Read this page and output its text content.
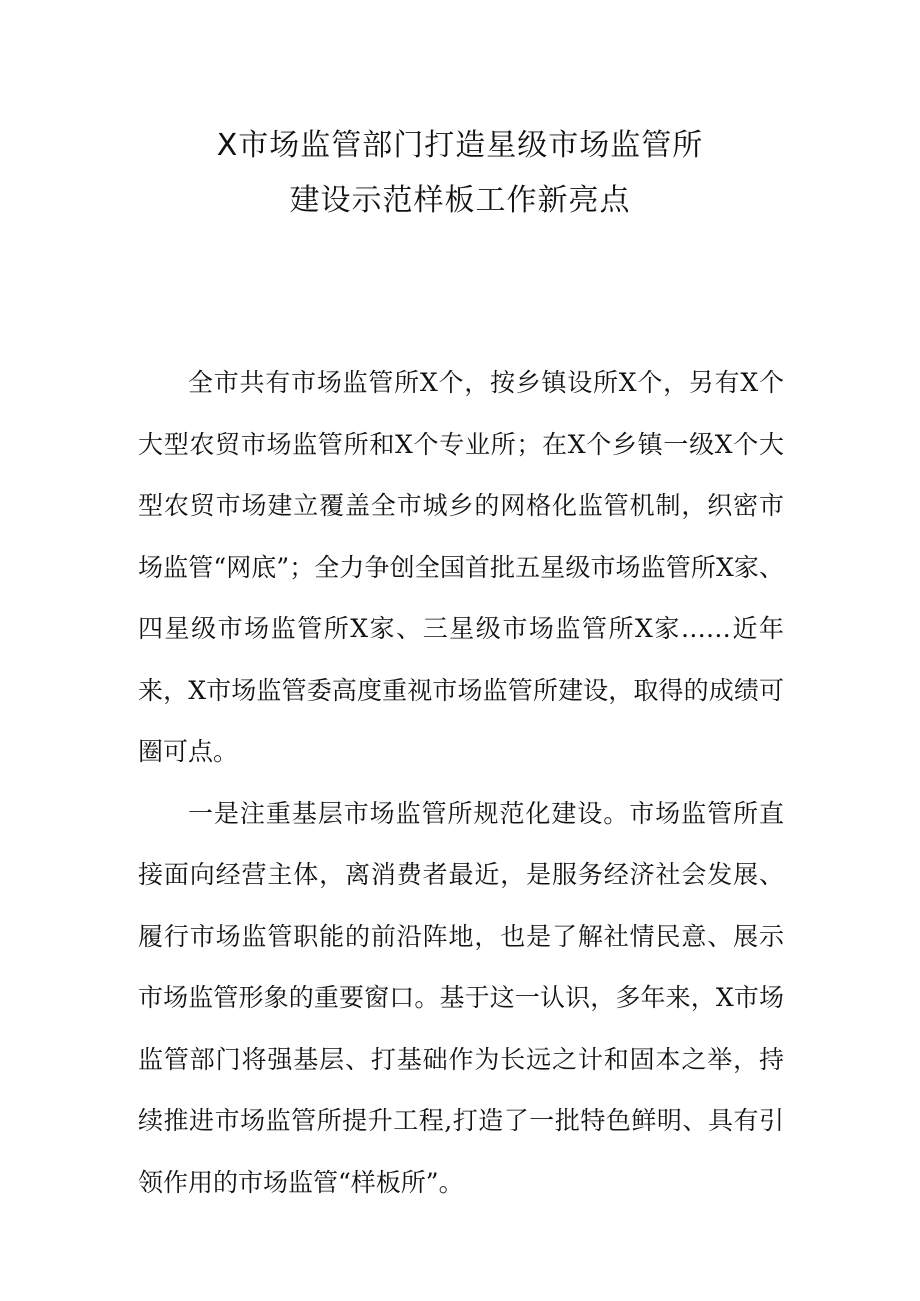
X市场监管部门打造星级市场监管所
建设示范样板工作新亮点

全市共有市场监管所X个，按乡镇设所X个，另有X个大型农贸市场监管所和X个专业所；在X个乡镇一级X个大型农贸市场建立覆盖全市城乡的网格化监管机制，织密市场监管“网底”；全力争创全国首批五星级市场监管所X家、四星级市场监管所X家、三星级市场监管所X家……近年来，X市场监管委高度重视市场监管所建设，取得的成绩可圈可点。

一是注重基层市场监管所规范化建设。市场监管所直接面向经营主体，离消费者最近，是服务经济社会发展、履行市场监管职能的前沿阵地，也是了解社情民意、展示市场监管形象的重要窗口。基于这一认识，多年来，X市场监管部门将强基层、打基础作为长远之计和固本之举，持续推进市场监管所提升工程,打造了一批特色鲜明、具有引领作用的市场监管“样板所”。
